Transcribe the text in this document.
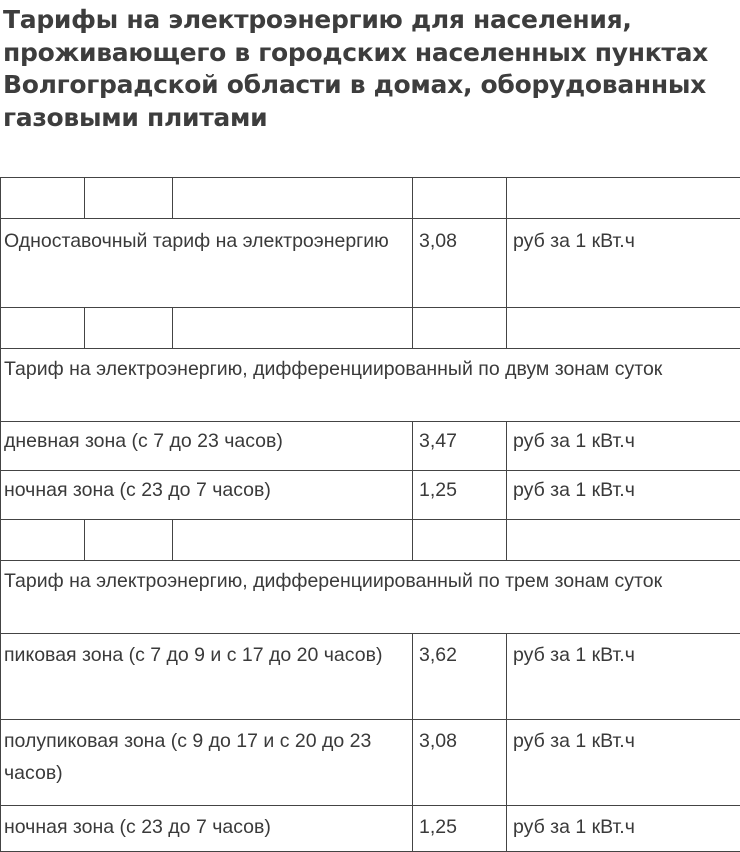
Тарифы на электроэнергию для населения, проживающего в городских населенных пунктах Волгоградской области в домах, оборудованных газовыми плитами

Одноставочный тариф на электроэнергию			3,08	руб за 1 кВт.ч

Тариф на электроэнергию, дифференциированный по двум зонам суток				
дневная зона (с 7 до 23 часов)			3,47	руб за 1 кВт.ч
ночная зона (с 23 до 7 часов)			1,25	руб за 1 кВт.ч

Тариф на электроэнергию, дифференциированный по трем зонам суток				
пиковая зона (с 7 до 9 и с 17 до 20 часов)			3,62	руб за 1 кВт.ч
полупиковая зона (с 9 до 17 и с 20 до 23 часов)			3,08	руб за 1 кВт.ч
ночная зона (с 23 до 7 часов)			1,25	руб за 1 кВт.ч
